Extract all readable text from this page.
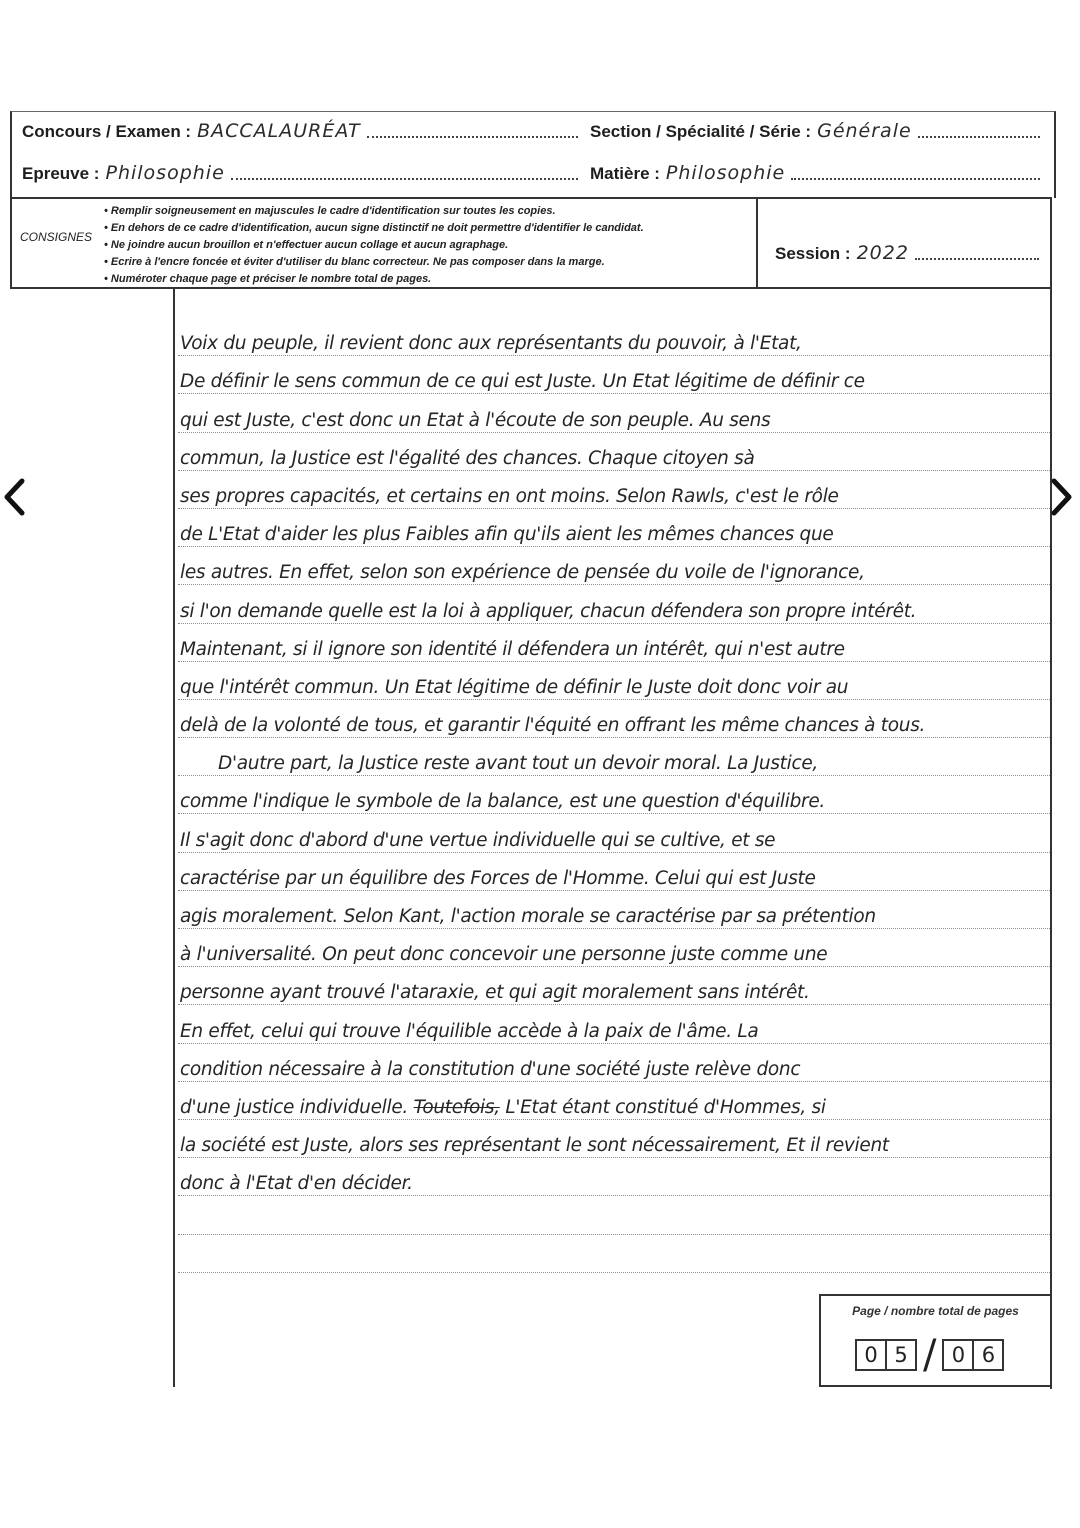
Concours / Examen : BACCALAURÉAT	Section / Spécialité / Série : Générale
Epreuve : Philosophie	Matière : Philosophie
CONSIGNES
• Remplir soigneusement en majuscules le cadre d'identification sur toutes les copies.
• En dehors de ce cadre d'identification, aucun signe distinctif ne doit permettre d'identifier le candidat.
• Ne joindre aucun brouillon et n'effectuer aucun collage et aucun agraphage.
• Ecrire à l'encre foncée et éviter d'utiliser du blanc correcteur. Ne pas composer dans la marge.
• Numéroter chaque page et préciser le nombre total de pages.
Session : 2022
Voix du peuple, il revient donc aux représentants du pouvoir, à l'Etat,
De définir le sens commun de ce qui est Juste. Un Etat légitime de définir ce
qui est Juste, c'est donc un Etat à l'écoute de son peuple. Au sens
commun, la Justice est l'égalité des chances. Chaque citoyen sà
ses propres capacités, et certains en ont moins. Selon Rawls, c'est le rôle
de L'Etat d'aider les plus Faibles afin qu'ils aient les mêmes chances que
les autres. En effet, selon son expérience de pensée du voile de l'ignorance,
si l'on demande quelle est la loi à appliquer, chacun défendera son propre intérêt.
Maintenant, si il ignore son identité il défendera un intérêt, qui n'est autre
que l'intérêt commun. Un Etat légitime de définir le Juste doit donc voir au
delà de la volonté de tous, et garantir l'équité en offrant les même chances à tous.
D'autre part, la Justice reste avant tout un devoir moral. La Justice,
comme l'indique le symbole de la balance, est une question d'équilibre.
Il s'agit donc d'abord d'une vertue individuelle qui se cultive, et se
caractérise par un équilibre des Forces de l'Homme. Celui qui est Juste
agis moralement. Selon Kant, l'action morale se caractérise par sa prétention
à l'universalité. On peut donc concevoir une personne juste comme une
personne ayant trouvé l'ataraxie, et qui agit moralement sans intérêt.
En effet, celui qui trouve l'équilible accède à la paix de l'âme. La
condition nécessaire à la constitution d'une société juste relève donc
d'une justice individuelle. Toutefois, L'Etat étant constitué d'Hommes, si
la société est Juste, alors ses représentant le sont nécessairement, Et il revient
donc à l'Etat d'en décider.
Page / nombre total de pages
0 5 / 0 6
